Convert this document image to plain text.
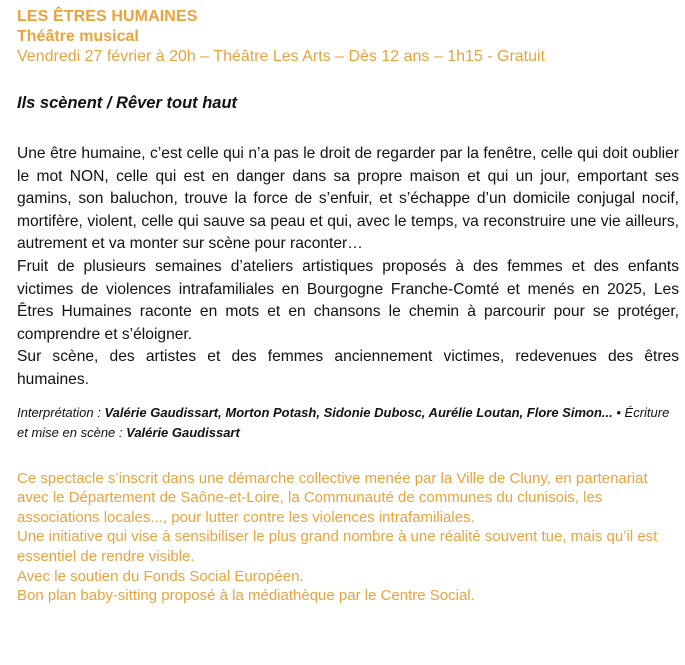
LES ÊTRES HUMAINES
Théâtre musical
Vendredi 27 février à 20h – Théâtre Les Arts – Dès 12 ans – 1h15 - Gratuit
Ils scènent / Rêver tout haut

Une être humaine, c’est celle qui n’a pas le droit de regarder par la fenêtre, celle qui doit oublier le mot NON, celle qui est en danger dans sa propre maison et qui un jour, emportant ses gamins, son baluchon, trouve la force de s’enfuir, et s’échappe d’un domicile conjugal nocif, mortifère, violent, celle qui sauve sa peau et qui, avec le temps, va reconstruire une vie ailleurs, autrement et va monter sur scène pour raconter…

Fruit de plusieurs semaines d’ateliers artistiques proposés à des femmes et des enfants victimes de violences intrafamiliales en Bourgogne Franche-Comté et menés en 2025, Les Êtres Humaines raconte en mots et en chansons le chemin à parcourir pour se protéger, comprendre et s’éloigner.

Sur scène, des artistes et des femmes anciennement victimes, redevenues des êtres humaines.

Interprétation : Valérie Gaudissart, Morton Potash, Sidonie Dubosc, Aurélie Loutan, Flore Simon... • Écriture et mise en scène : Valérie Gaudissart

Ce spectacle s’inscrit dans une démarche collective menée par la Ville de Cluny, en partenariat avec le Département de Saône-et-Loire, la Communauté de communes du clunisois, les associations locales..., pour lutter contre les violences intrafamiliales.

Une initiative qui vise à sensibiliser le plus grand nombre à une réalité souvent tue, mais qu’il est essentiel de rendre visible.

Avec le soutien du Fonds Social Européen.

Bon plan baby-sitting proposé à la médiathèque par le Centre Social.
